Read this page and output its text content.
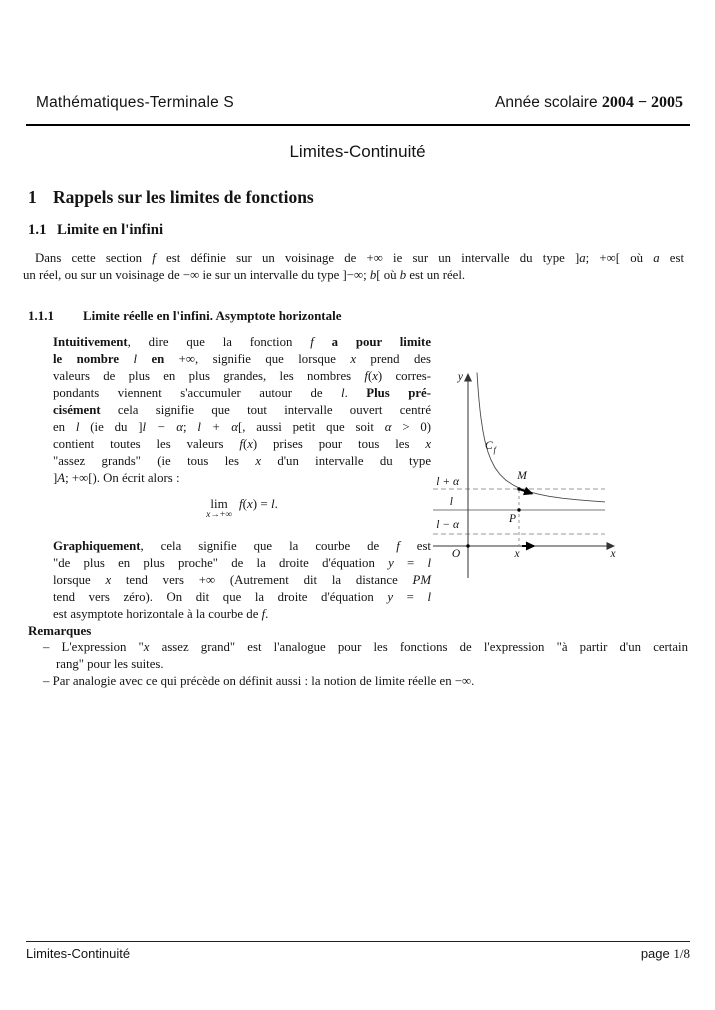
Mathématiques-Terminale S	Année scolaire 2004 − 2005
Limites-Continuité
1 Rappels sur les limites de fonctions
1.1 Limite en l'infini
Dans cette section f est définie sur un voisinage de +∞ ie sur un intervalle du type ]a; +∞[ où a est
un réel, ou sur un voisinage de −∞ ie sur un intervalle du type ]−∞; b[ où b est un réel.
1.1.1 Limite réelle en l'infini. Asymptote horizontale
Intuitivement, dire que la fonction f a pour limite
le nombre l en +∞, signifie que lorsque x prend des
valeurs de plus en plus grandes, les nombres f(x) corres-
pondants viennent s'accumuler autour de l. Plus pré-
cisément cela signifie que tout intervalle ouvert centré
en l (ie du ]l − α; l + α[, aussi petit que soit α > 0)
contient toutes les valeurs f(x) prises pour tous les x
"assez grands" (ie tous les x d'un intervalle du type
]A; +∞[). On écrit alors :
lim
x→+∞
f(x) = l.
Graphiquement, cela signifie que la courbe de f est
"de plus en plus proche" de la droite d'équation y = l
lorsque x tend vers +∞ (Autrement dit la distance PM
tend vers zéro). On dit que la droite d'équation y = l
est asymptote horizontale à la courbe de f.
Remarques
– L'expression "x assez grand" est l'analogue pour les fonctions de l'expression "à partir d'un certain
rang" pour les suites.
– Par analogie avec ce qui précède on définit aussi : la notion de limite réelle en −∞.
y
x
O	x
l + α
l
l − α
M
P
C f
Limites-Continuité	page 1/8
